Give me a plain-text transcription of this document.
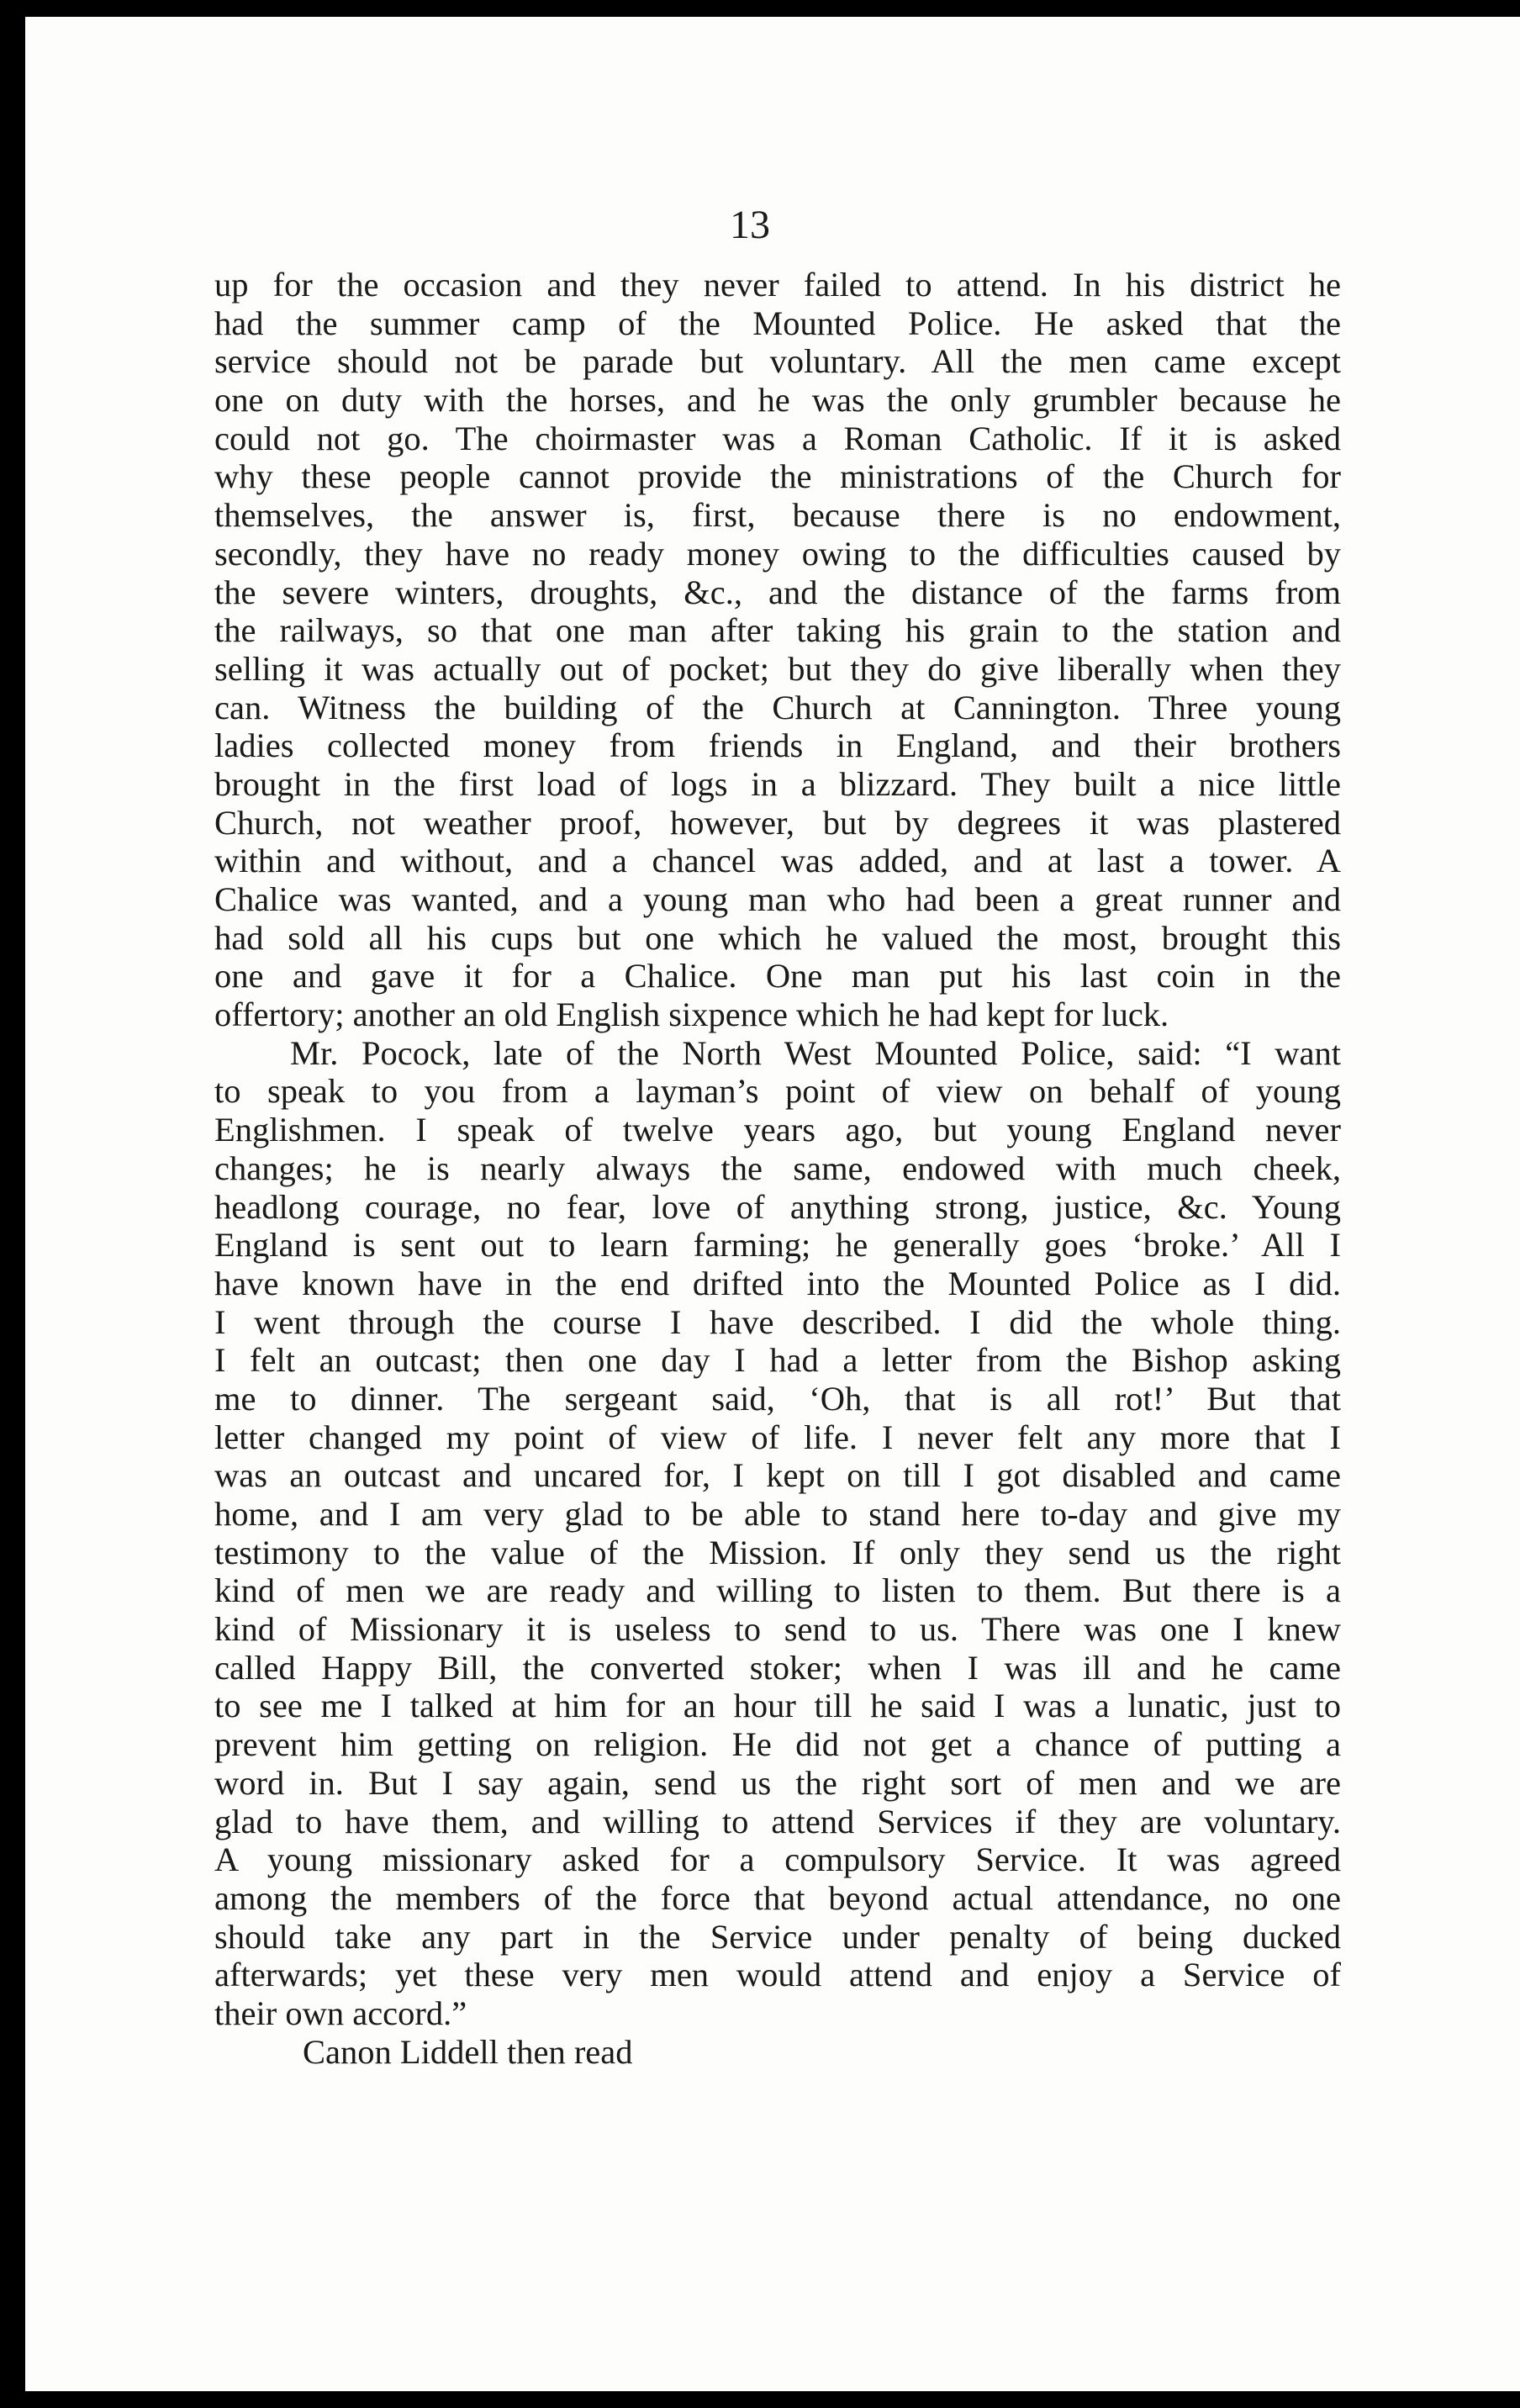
13
up for the occasion and they never failed to attend. In his district he
had the summer camp of the Mounted Police. He asked that the
service should not be parade but voluntary. All the men came except
one on duty with the horses, and he was the only grumbler because he
could not go. The choirmaster was a Roman Catholic. If it is asked
why these people cannot provide the ministrations of the Church for
themselves, the answer is, first, because there is no endowment,
secondly, they have no ready money owing to the difficulties caused by
the severe winters, droughts, &c., and the distance of the farms from
the railways, so that one man after taking his grain to the station and
selling it was actually out of pocket; but they do give liberally when they
can. Witness the building of the Church at Cannington. Three young
ladies collected money from friends in England, and their brothers
brought in the first load of logs in a blizzard. They built a nice little
Church, not weather proof, however, but by degrees it was plastered
within and without, and a chancel was added, and at last a tower. A
Chalice was wanted, and a young man who had been a great runner and
had sold all his cups but one which he valued the most, brought this
one and gave it for a Chalice. One man put his last coin in the
offertory; another an old English sixpence which he had kept for luck.
Mr. Pocock, late of the North West Mounted Police, said: “I want
to speak to you from a layman’s point of view on behalf of young
Englishmen. I speak of twelve years ago, but young England never
changes; he is nearly always the same, endowed with much cheek,
headlong courage, no fear, love of anything strong, justice, &c. Young
England is sent out to learn farming; he generally goes ‘broke.’ All I
have known have in the end drifted into the Mounted Police as I did.
I went through the course I have described. I did the whole thing.
I felt an outcast; then one day I had a letter from the Bishop asking
me to dinner. The sergeant said, ‘Oh, that is all rot!’ But that
letter changed my point of view of life. I never felt any more that I
was an outcast and uncared for, I kept on till I got disabled and came
home, and I am very glad to be able to stand here to-day and give my
testimony to the value of the Mission. If only they send us the right
kind of men we are ready and willing to listen to them. But there is a
kind of Missionary it is useless to send to us. There was one I knew
called Happy Bill, the converted stoker; when I was ill and he came
to see me I talked at him for an hour till he said I was a lunatic, just to
prevent him getting on religion. He did not get a chance of putting a
word in. But I say again, send us the right sort of men and we are
glad to have them, and willing to attend Services if they are voluntary.
A young missionary asked for a compulsory Service. It was agreed
among the members of the force that beyond actual attendance, no one
should take any part in the Service under penalty of being ducked
afterwards; yet these very men would attend and enjoy a Service of
their own accord.”
Canon Liddell then read
